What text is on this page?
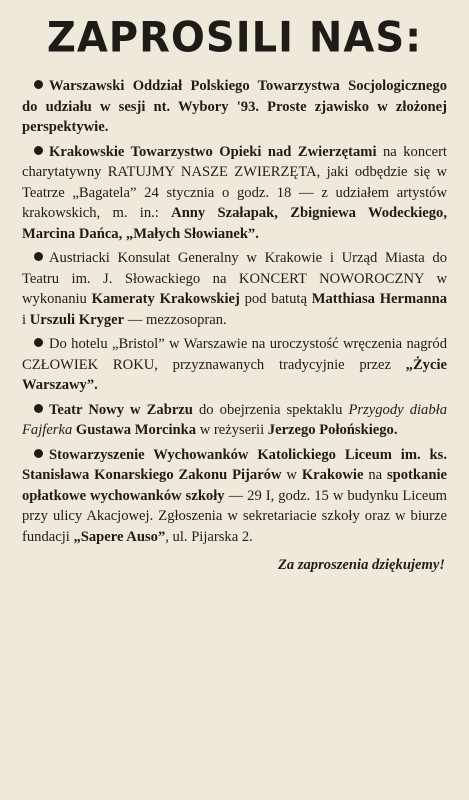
ZAPROSILI NAS:

Warszawski Oddział Polskiego Towarzystwa Socjologicznego do udziału w sesji nt. Wybory '93. Proste zjawisko w złożonej perspektywie.

Krakowskie Towarzystwo Opieki nad Zwierzętami na koncert charytatywny RATUJMY NASZE ZWIERZĘTA, jaki odbędzie się w Teatrze „Bagatela” 24 stycznia o godz. 18 — z udziałem artystów krakowskich, m. in.: Anny Szałapak, Zbigniewa Wodeckiego, Marcina Dańca, „Małych Słowianek”.

Austriacki Konsulat Generalny w Krakowie i Urząd Miasta do Teatru im. J. Słowackiego na KONCERT NOWOROCZNY w wykonaniu Kameraty Krakowskiej pod batutą Matthiasa Hermanna i Urszuli Kryger — mezzosopran.

Do hotelu „Bristol” w Warszawie na uroczystość wręczenia nagród CZŁOWIEK ROKU, przyznawanych tradycyjnie przez „Życie Warszawy”.

Teatr Nowy w Zabrzu do obejrzenia spektaklu Przygody diabła Fajferka Gustawa Morcinka w reżyserii Jerzego Połońskiego.

Stowarzyszenie Wychowanków Katolickiego Liceum im. ks. Stanisława Konarskiego Zakonu Pijarów w Krakowie na spotkanie opłatkowe wychowanków szkoły — 29 I, godz. 15 w budynku Liceum przy ulicy Akacjowej. Zgłoszenia w sekretariacie szkoły oraz w biurze fundacji „Sapere Auso”, ul. Pijarska 2.

Za zaproszenia dziękujemy!
